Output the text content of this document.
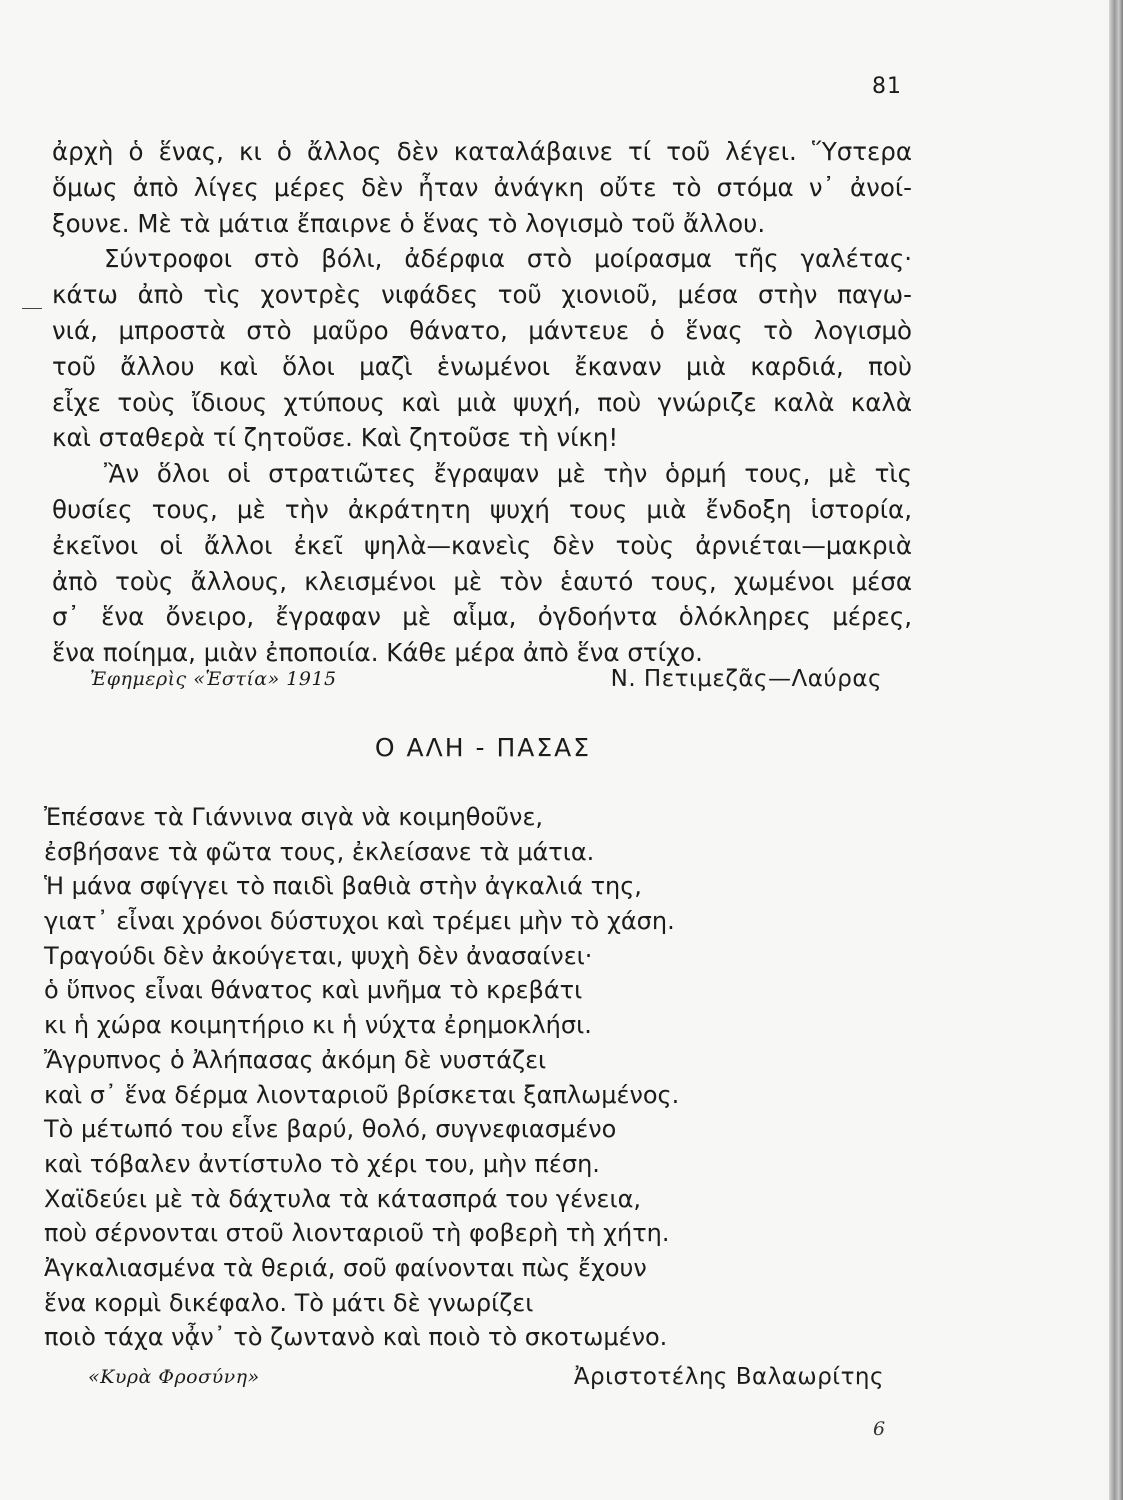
81
ἀρχὴ ὁ ἕνας, κι ὁ ἄλλος δὲν καταλάβαινε τί τοῦ λέγει. Ὕστερα
ὅμως ἀπὸ λίγες μέρες δὲν ἦταν ἀνάγκη οὔτε τὸ στόμα ν᾿ ἀνοί-
ξουνε. Μὲ τὰ μάτια ἔπαιρνε ὁ ἕνας τὸ λογισμὸ τοῦ ἄλλου.
Σύντροφοι στὸ βόλι, ἀδέρφια στὸ μοίρασμα τῆς γαλέτας·
κάτω ἀπὸ τὶς χοντρὲς νιφάδες τοῦ χιονιοῦ, μέσα στὴν παγω-
νιά, μπροστὰ στὸ μαῦρο θάνατο, μάντευε ὁ ἕνας τὸ λογισμὸ
τοῦ ἄλλου καὶ ὅλοι μαζὶ ἑνωμένοι ἔκαναν μιὰ καρδιά, ποὺ
εἶχε τοὺς ἴδιους χτύπους καὶ μιὰ ψυχή, ποὺ γνώριζε καλὰ καλὰ
καὶ σταθερὰ τί ζητοῦσε. Καὶ ζητοῦσε τὴ νίκη!
Ἂν ὅλοι οἱ στρατιῶτες ἔγραψαν μὲ τὴν ὁρμή τους, μὲ τὶς
θυσίες τους, μὲ τὴν ἀκράτητη ψυχή τους μιὰ ἔνδοξη ἱστορία,
ἐκεῖνοι οἱ ἄλλοι ἐκεῖ ψηλὰ—κανεὶς δὲν τοὺς ἀρνιέται—μακριὰ
ἀπὸ τοὺς ἄλλους, κλεισμένοι μὲ τὸν ἑαυτό τους, χωμένοι μέσα
σ᾿ ἕνα ὄνειρο, ἔγραφαν μὲ αἷμα, ὀγδοήντα ὁλόκληρες μέρες,
ἕνα ποίημα, μιὰν ἐποποιία. Κάθε μέρα ἀπὸ ἕνα στίχο.
Ἐφημερὶς «Ἑστία» 1915	Ν. Πετιμεζᾶς—Λαύρας
Ο ΑΛΗ - ΠΑΣΑΣ
Ἐπέσανε τὰ Γιάννινα σιγὰ νὰ κοιμηθοῦνε,
ἐσβήσανε τὰ φῶτα τους, ἐκλείσανε τὰ μάτια.
Ἡ μάνα σφίγγει τὸ παιδὶ βαθιὰ στὴν ἀγκαλιά της,
γιατ᾿ εἶναι χρόνοι δύστυχοι καὶ τρέμει μὴν τὸ χάση.
Τραγούδι δὲν ἀκούγεται, ψυχὴ δὲν ἀνασαίνει·
ὁ ὕπνος εἶναι θάνατος καὶ μνῆμα τὸ κρεβάτι
κι ἡ χώρα κοιμητήριο κι ἡ νύχτα ἐρημοκλήσι.
Ἄγρυπνος ὁ Ἀλήπασας ἀκόμη δὲ νυστάζει
καὶ σ᾿ ἕνα δέρμα λιονταριοῦ βρίσκεται ξαπλωμένος.
Τὸ μέτωπό του εἶνε βαρύ, θολό, συγνεφιασμένο
καὶ τόβαλεν ἀντίστυλο τὸ χέρι του, μὴν πέση.
Χαϊδεύει μὲ τὰ δάχτυλα τὰ κάτασπρά του γένεια,
ποὺ σέρνονται στοῦ λιονταριοῦ τὴ φοβερὴ τὴ χήτη.
Ἀγκαλιασμένα τὰ θεριά, σοῦ φαίνονται πὼς ἔχουν
ἕνα κορμὶ δικέφαλο. Τὸ μάτι δὲ γνωρίζει
ποιὸ τάχα νᾆν᾿ τὸ ζωντανὸ καὶ ποιὸ τὸ σκοτωμένο.
«Κυρὰ Φροσύνη»	Ἀριστοτέλης Βαλαωρίτης
6
